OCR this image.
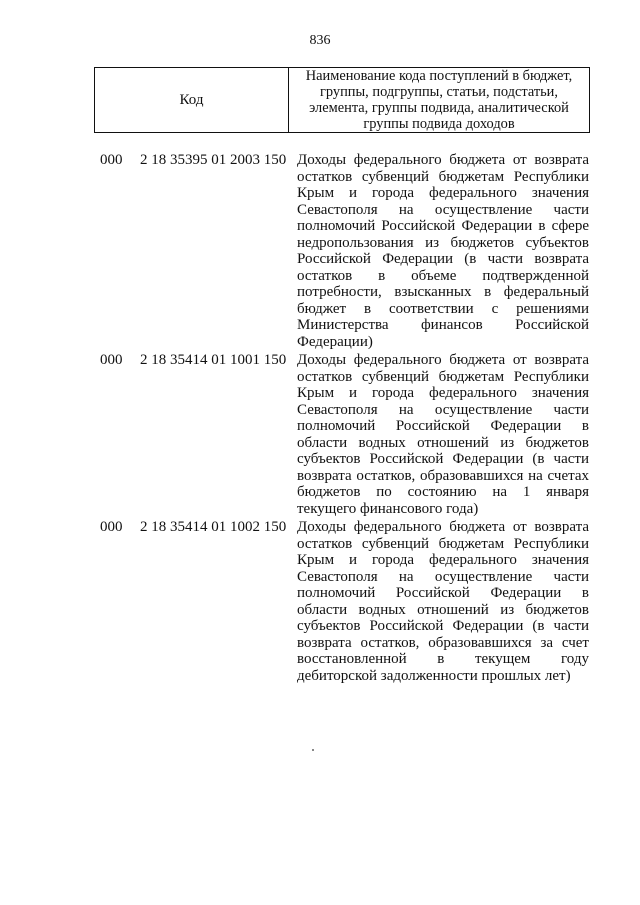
836
Код
Наименование кода поступлений в бюджет, группы, подгруппы, статьи, подстатьи, элемента, группы подвида, аналитической группы подвида доходов
000 2 18 35395 01 2003 150 Доходы федерального бюджета от возврата остатков субвенций бюджетам Республики Крым и города федерального значения Севастополя на осуществление части полномочий Российской Федерации в сфере недропользования из бюджетов субъектов Российской Федерации (в части возврата остатков в объеме подтвержденной потребности, взысканных в федеральный бюджет в соответствии с решениями Министерства финансов Российской Федерации)
000 2 18 35414 01 1001 150 Доходы федерального бюджета от возврата остатков субвенций бюджетам Республики Крым и города федерального значения Севастополя на осуществление части полномочий Российской Федерации в области водных отношений из бюджетов субъектов Российской Федерации (в части возврата остатков, образовавшихся на счетах бюджетов по состоянию на 1 января текущего финансового года)
000 2 18 35414 01 1002 150 Доходы федерального бюджета от возврата остатков субвенций бюджетам Республики Крым и города федерального значения Севастополя на осуществление части полномочий Российской Федерации в области водных отношений из бюджетов субъектов Российской Федерации (в части возврата остатков, образовавшихся за счет восстановленной в текущем году дебиторской задолженности прошлых лет)
